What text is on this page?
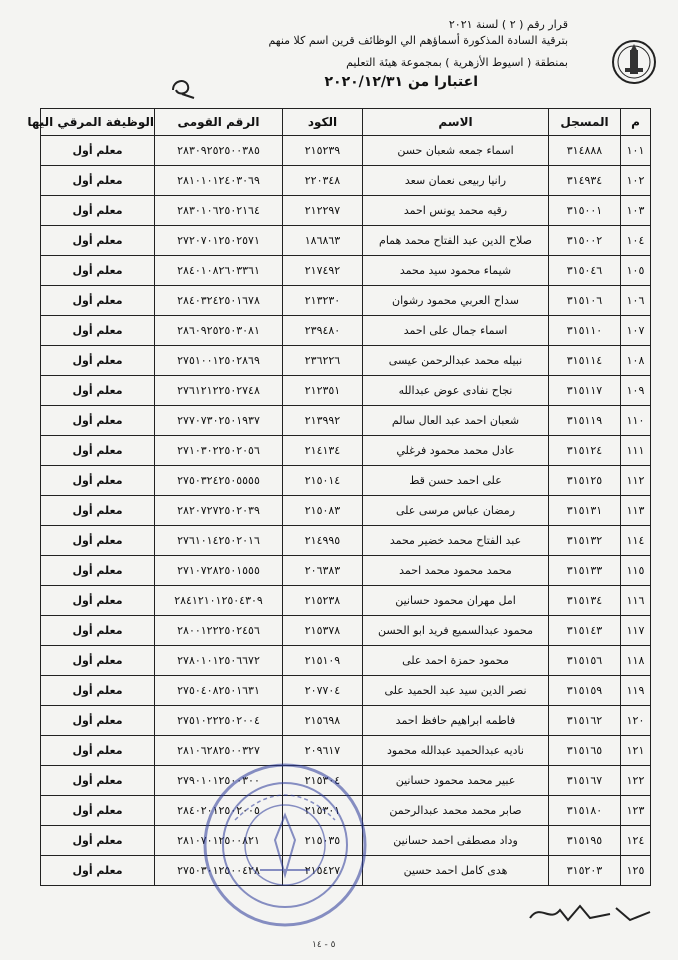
قرار رقم ( ٢ ) لسنة ٢٠٢١
بترقية السادة المذكورة أسماؤهم الي الوظائف قرين اسم كلا منهم
بمنطقة ( اسيوط الأزهرية ) بمجموعة هيئة التعليم
اعتبارا من ٢٠٢٠/١٢/٣١
م	المسجل	الاسم	الكود	الرقم القومى	الوظيفة المرقي اليها
١٠١	٣١٤٨٨٨	اسماء جمعه شعبان حسن	٢١٥٢٣٩	٢٨٣٠٩٢٥٢٥٠٠٣٨٥	معلم أول
١٠٢	٣١٤٩٣٤	رانيا ربيعى نعمان سعد	٢٢٠٣٤٨	٢٨١٠١٠١٢٤٠٣٠٦٩	معلم أول
١٠٣	٣١٥٠٠١	رقيه محمد يونس احمد	٢١٢٢٩٧	٢٨٣٠١٠٦٢٥٠٢١٦٤	معلم أول
١٠٤	٣١٥٠٠٢	صلاح الدين عبد الفتاح محمد همام	١٨٦٨٦٣	٢٧٢٠٧٠١٢٥٠٢٥٧١	معلم أول
١٠٥	٣١٥٠٤٦	شيماء محمود سيد محمد	٢١٧٤٩٢	٢٨٤٠١٠٨٢٦٠٣٣٦١	معلم أول
١٠٦	٣١٥١٠٦	سداح العربي محمود رشوان	٢١٣٢٣٠	٢٨٤٠٣٢٤٢٥٠١٦٧٨	معلم أول
١٠٧	٣١٥١١٠	اسماء جمال على احمد	٢٣٩٤٨٠	٢٨٦٠٩٢٥٢٥٠٣٠٨١	معلم أول
١٠٨	٣١٥١١٤	نبيله محمد عبدالرحمن عيسى	٢٣٦٢٢٦	٢٧٥١٠٠١٢٥٠٢٨٦٩	معلم أول
١٠٩	٣١٥١١٧	نجاح نفادى عوض عبدالله	٢١٢٣٥١	٢٧٦١٢١٢٢٥٠٢٧٤٨	معلم أول
١١٠	٣١٥١١٩	شعبان احمد عبد العال سالم	٢١٣٩٩٢	٢٧٧٠٧٣٠٢٥٠١٩٣٧	معلم أول
١١١	٣١٥١٢٤	عادل محمد محمود فرغلي	٢١٤١٣٤	٢٧١٠٣٠٢٢٥٠٢٠٥٦	معلم أول
١١٢	٣١٥١٢٥	على احمد حسن قط	٢١٥٠١٤	٢٧٥٠٣٢٤٢٥٠٥٥٥٥	معلم أول
١١٣	٣١٥١٣١	رمضان عباس مرسى على	٢١٥٠٨٣	٢٨٢٠٧٢٧٢٥٠٢٠٣٩	معلم أول
١١٤	٣١٥١٣٢	عبد الفتاح محمد خضير محمد	٢١٤٩٩٥	٢٧٦١٠١٤٢٥٠٢٠١٦	معلم أول
١١٥	٣١٥١٣٣	محمد محمود محمد احمد	٢٠٦٣٨٣	٢٧١٠٧٢٨٢٥٠١٥٥٥	معلم أول
١١٦	٣١٥١٣٤	امل مهران محمود حسانين	٢١٥٢٣٨	٢٨٤١٢١٠١٢٥٠٤٣٠٩	معلم أول
١١٧	٣١٥١٤٣	محمود عبدالسميع فريد ابو الحسن	٢١٥٣٧٨	٢٨٠٠١٢٢٢٥٠٢٤٥٦	معلم أول
١١٨	٣١٥١٥٦	محمود حمزة احمد على	٢١٥١٠٩	٢٧٨٠١٠١٢٥٠٦٦٧٢	معلم أول
١١٩	٣١٥١٥٩	نصر الدين سيد عبد الحميد على	٢٠٧٧٠٤	٢٧٥٠٤٠٨٢٥٠١٦٣١	معلم أول
١٢٠	٣١٥١٦٢	فاطمه ابراهيم حافظ احمد	٢١٥٦٩٨	٢٧٥١٠٢٢٢٥٠٢٠٠٤	معلم أول
١٢١	٣١٥١٦٥	ناديه عبدالحميد عبدالله محمود	٢٠٩٦١٧	٢٨١٠٦٢٨٢٥٠٠٣٢٧	معلم أول
١٢٢	٣١٥١٦٧	عبير محمد محمود حسانين	٢١٥٣٠٤	٢٧٩٠١٠١٢٥٠٠٣٠٠	معلم أول
١٢٣	٣١٥١٨٠	صابر محمد محمد عبدالرحمن	٢١٥٣٠١	٢٨٤٠٢٠١٢٥٠٢٠٠٥	معلم أول
١٢٤	٣١٥١٩٥	وداد مصطفى احمد حسانين	٢١٥٠٣٥	٢٨١٠٧٠١٢٥٠٠٨٢١	معلم أول
١٢٥	٣١٥٢٠٣	هدى كامل احمد حسين	٢١٥٤٢٧	٢٧٥٠٣٠١٢٥٠٠٤٢٨	معلم أول
٥ - ١٤
